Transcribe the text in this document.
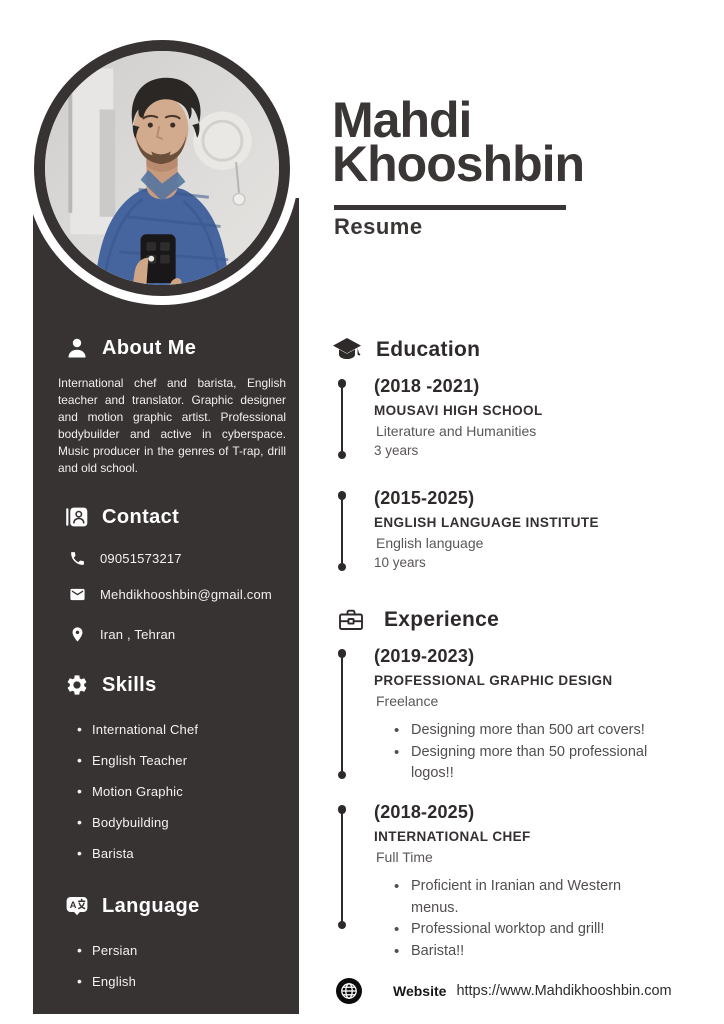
About Me

International chef and barista, English teacher and translator. Graphic designer and motion graphic artist. Professional bodybuilder and active in cyberspace. Music producer in the genres of T-rap, drill and old school.

Contact
09051573217
Mehdikhooshbin@gmail.com
Iran , Tehran
Skills
• International Chef
• English Teacher
• Motion Graphic
• Bodybuilding
• Barista
A Language
• Persian
• English
Mahdi
Khooshbin
Resume
Education
(2018 -2021)
MOUSAVI HIGH SCHOOL
Literature and Humanities
3 years
(2015-2025)
ENGLISH LANGUAGE INSTITUTE
English language
10 years
Experience
(2019-2023)
PROFESSIONAL GRAPHIC DESIGN
Freelance
• Designing more than 500 art covers!
• Designing more than 50 professional logos!!
(2018-2025)
INTERNATIONAL CHEF
Full Time
• Proficient in Iranian and Western menus.
• Professional worktop and grill!
• Barista!!
Website https://www.Mahdikhooshbin.com
